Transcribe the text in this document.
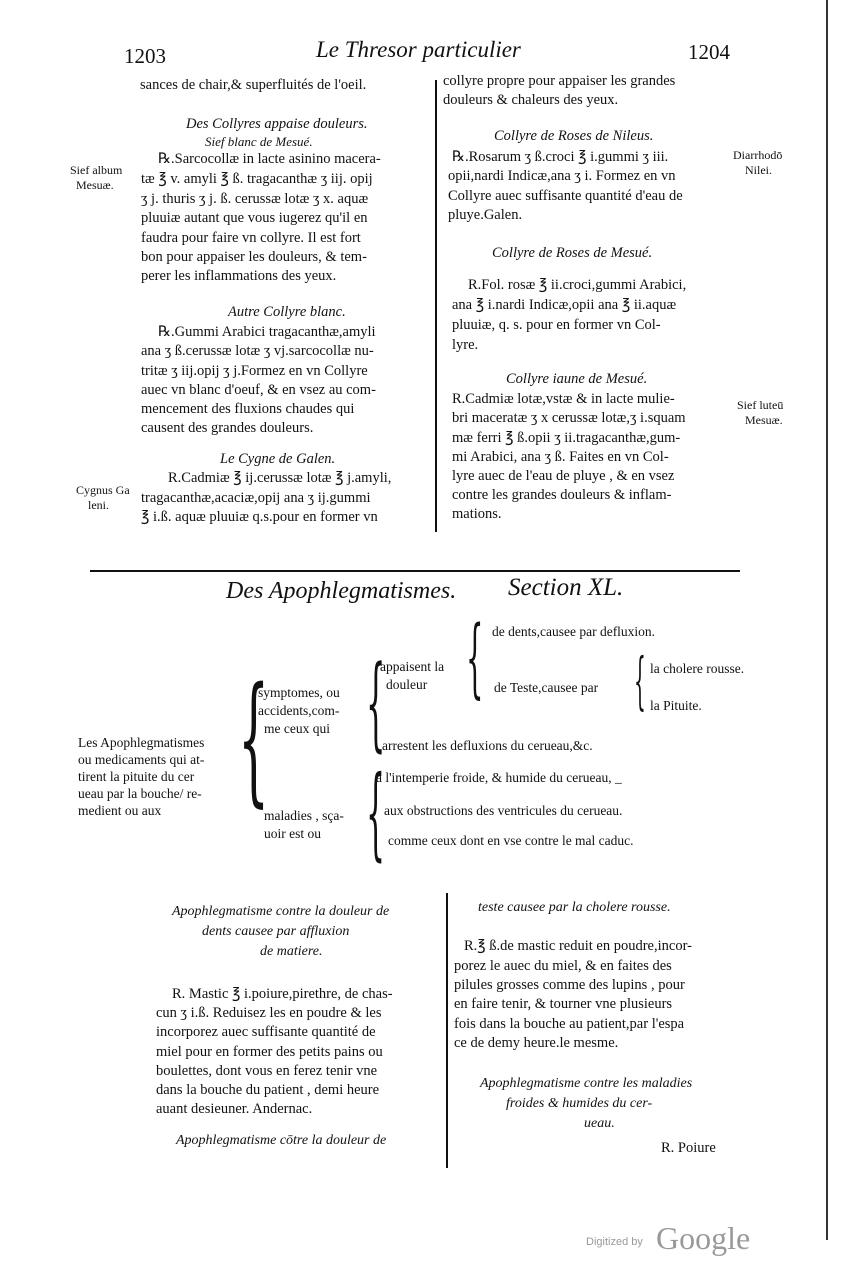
1203	Le Thresor particulier	1204
sances de chair,& superfluités de l'oeil.
Des Collyres appaise douleurs.
Sief blanc de Mesué.
Sief album
Mesuæ.
℞.Sarcocollæ in lacte asinino macera-
tæ ℥ v. amyli ℥ ß. tragacanthæ ʒ iij. opij
ʒ j. thuris ʒ j. ß. cerussæ lotæ ʒ x. aquæ
pluuiæ autant que vous iugerez qu'il en
faudra pour faire vn collyre. Il est fort
bon pour appaiser les douleurs, & tem-
perer les inflammations des yeux.
Autre Collyre blanc.
℞.Gummi Arabici tragacanthæ,amyli
ana ʒ ß.cerussæ lotæ ʒ vj.sarcocollæ nu-
tritæ ʒ iij.opij ʒ j.Formez en vn Collyre
auec vn blanc d'oeuf, & en vsez au com-
mencement des fluxions chaudes qui
causent des grandes douleurs.
Le Cygne de Galen.
Cygnus Ga
leni.
R.Cadmiæ ℥ ij.cerussæ lotæ ℥ j.amyli,
tragacanthæ,acaciæ,opij ana ʒ ij.gummi
℥ i.ß. aquæ pluuiæ q.s.pour en former vn
collyre propre pour appaiser les grandes
douleurs & chaleurs des yeux.
Collyre de Roses de Nileus.
Diarrhodō
Nilei.
℞.Rosarum ʒ ß.croci ℥ i.gummi ʒ iii.
opii,nardi Indicæ,ana ʒ i. Formez en vn
Collyre auec suffisante quantité d'eau de
pluye.Galen.
Collyre de Roses de Mesué.
R.Fol. rosæ ℥ ii.croci,gummi Arabici,
ana ℥ i.nardi Indicæ,opii ana ℥ ii.aquæ
pluuiæ, q. s. pour en former vn Col-
lyre.
Collyre iaune de Mesué.
Sief luteū
Mesuæ.
R.Cadmiæ lotæ,vstæ & in lacte mulie-
bri maceratæ ʒ x cerussæ lotæ,ʒ i.squam
mæ ferri ℥ ß.opii ʒ ii.tragacanthæ,gum-
mi Arabici, ana ʒ ß. Faites en vn Col-
lyre auec de l'eau de pluye , & en vsez
contre les grandes douleurs & inflam-
mations.
Des Apophlegmatismes. Section XL.
Les Apophlegmatismes
ou medicaments qui at-
tirent la pituite du cer
ueau par la bouche/ re-
medient ou aux {
symptomes, ou
accidents,com-
me ceux qui {
appaisent la
douleur { de dents,causee par defluxion.
de Teste,causee par { la cholere rousse.
la Pituite.
arrestent les defluxions du cerueau,&c.
maladies , sça-
uoir est ou {
à l'intemperie froide, & humide du cerueau, _
aux obstructions des ventricules du cerueau.
comme ceux dont en vse contre le mal caduc.
Apophlegmatisme contre la douleur de
dents causee par affluxion
de matiere.
R. Mastic ℥ i.poiure,pirethre, de chas-
cun ʒ i.ß. Reduisez les en poudre & les
incorporez auec suffisante quantité de
miel pour en former des petits pains ou
boulettes, dont vous en ferez tenir vne
dans la bouche du patient , demi heure
auant desieuner. Andernac.
Apophlegmatisme cōtre la douleur de
teste causee par la cholere rousse.
R.℥ ß.de mastic reduit en poudre,incor-
porez le auec du miel, & en faites des
pilules grosses comme des lupins , pour
en faire tenir, & tourner vne plusieurs
fois dans la bouche au patient,par l'espa
ce de demy heure.le mesme.
Apophlegmatisme contre les maladies
froides & humides du cer-
ueau.
R. Poiure
Digitized by Google
